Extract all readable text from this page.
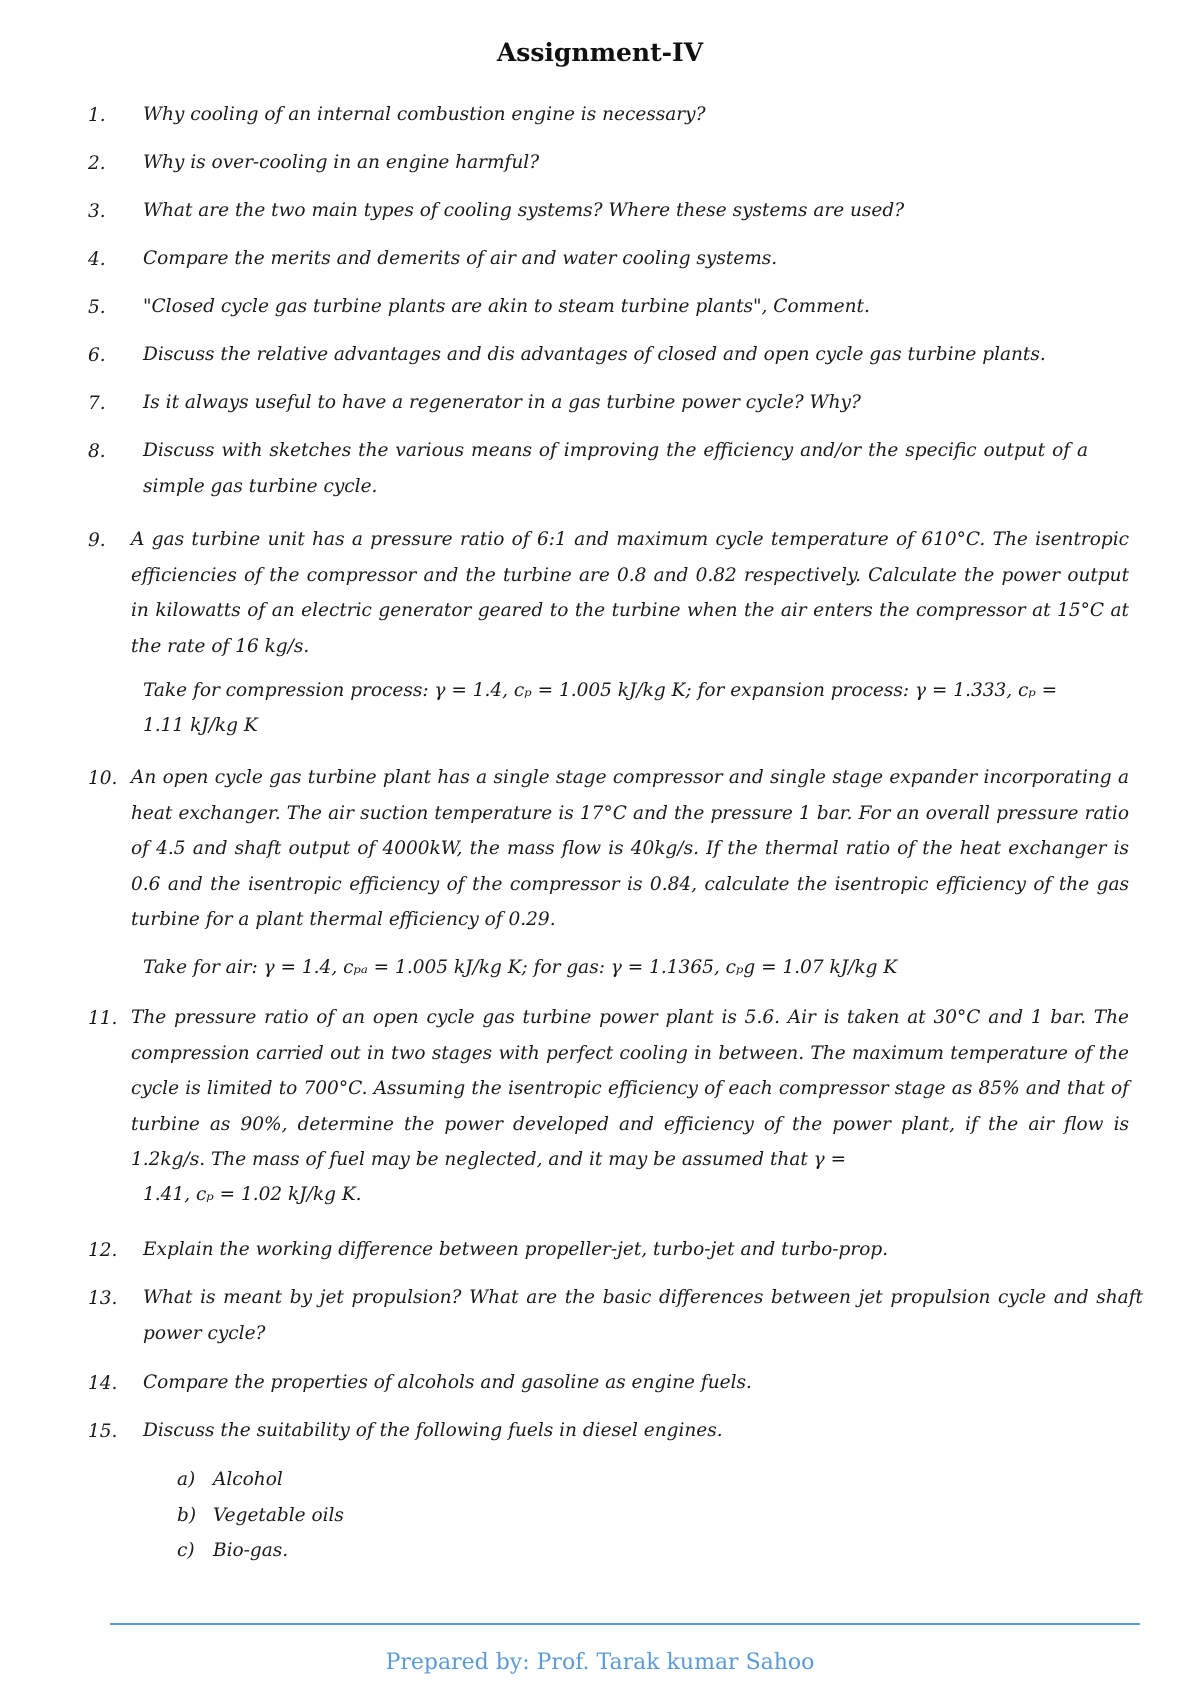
Assignment-IV
1.	Why cooling of an internal combustion engine is necessary?
2.	Why is over-cooling in an engine harmful?
3.	What are the two main types of cooling systems? Where these systems are used?
4.	Compare the merits and demerits of air and water cooling systems.
5.	"Closed cycle gas turbine plants are akin to steam turbine plants", Comment.
6.	Discuss the relative advantages and dis advantages of closed and open cycle gas turbine plants.
7.	Is it always useful to have a regenerator in a gas turbine power cycle? Why?
8.	Discuss with sketches the various means of improving the efficiency and/or the specific output of a simple gas turbine cycle.
9.	A gas turbine unit has a pressure ratio of 6:1 and maximum cycle temperature of 610°C. The isentropic efficiencies of the compressor and the turbine are 0.8 and 0.82 respectively. Calculate the power output in kilowatts of an electric generator geared to the turbine when the air enters the compressor at 15°C at the rate of 16 kg/s.
Take for compression process: γ = 1.4, cₚ = 1.005 kJ/kg K; for expansion process: γ = 1.333, cₚ =
1.11 kJ/kg K
10. An open cycle gas turbine plant has a single stage compressor and single stage expander incorporating a heat exchanger. The air suction temperature is 17°C and the pressure 1 bar. For an overall pressure ratio of 4.5 and shaft output of 4000kW, the mass flow is 40kg/s. If the thermal ratio of the heat exchanger is 0.6 and the isentropic efficiency of the compressor is 0.84, calculate the isentropic efficiency of the gas turbine for a plant thermal efficiency of 0.29.
Take for air: γ = 1.4, cₚₐ = 1.005 kJ/kg K; for gas: γ = 1.1365, cₚg = 1.07 kJ/kg K
11. The pressure ratio of an open cycle gas turbine power plant is 5.6. Air is taken at 30°C and 1 bar. The compression carried out in two stages with perfect cooling in between. The maximum temperature of the cycle is limited to 700°C. Assuming the isentropic efficiency of each compressor stage as 85% and that of turbine as 90%, determine the power developed and efficiency of the power plant, if the air flow is 1.2kg/s. The mass of fuel may be neglected, and it may be assumed that γ =
1.41, cₚ = 1.02 kJ/kg K.
12.	Explain the working difference between propeller-jet, turbo-jet and turbo-prop.
13.	What is meant by jet propulsion? What are the basic differences between jet propulsion cycle and shaft power cycle?
14.	Compare the properties of alcohols and gasoline as engine fuels.
15.	Discuss the suitability of the following fuels in diesel engines.
a) Alcohol
b) Vegetable oils
c) Bio-gas.
Prepared by: Prof. Tarak kumar Sahoo
